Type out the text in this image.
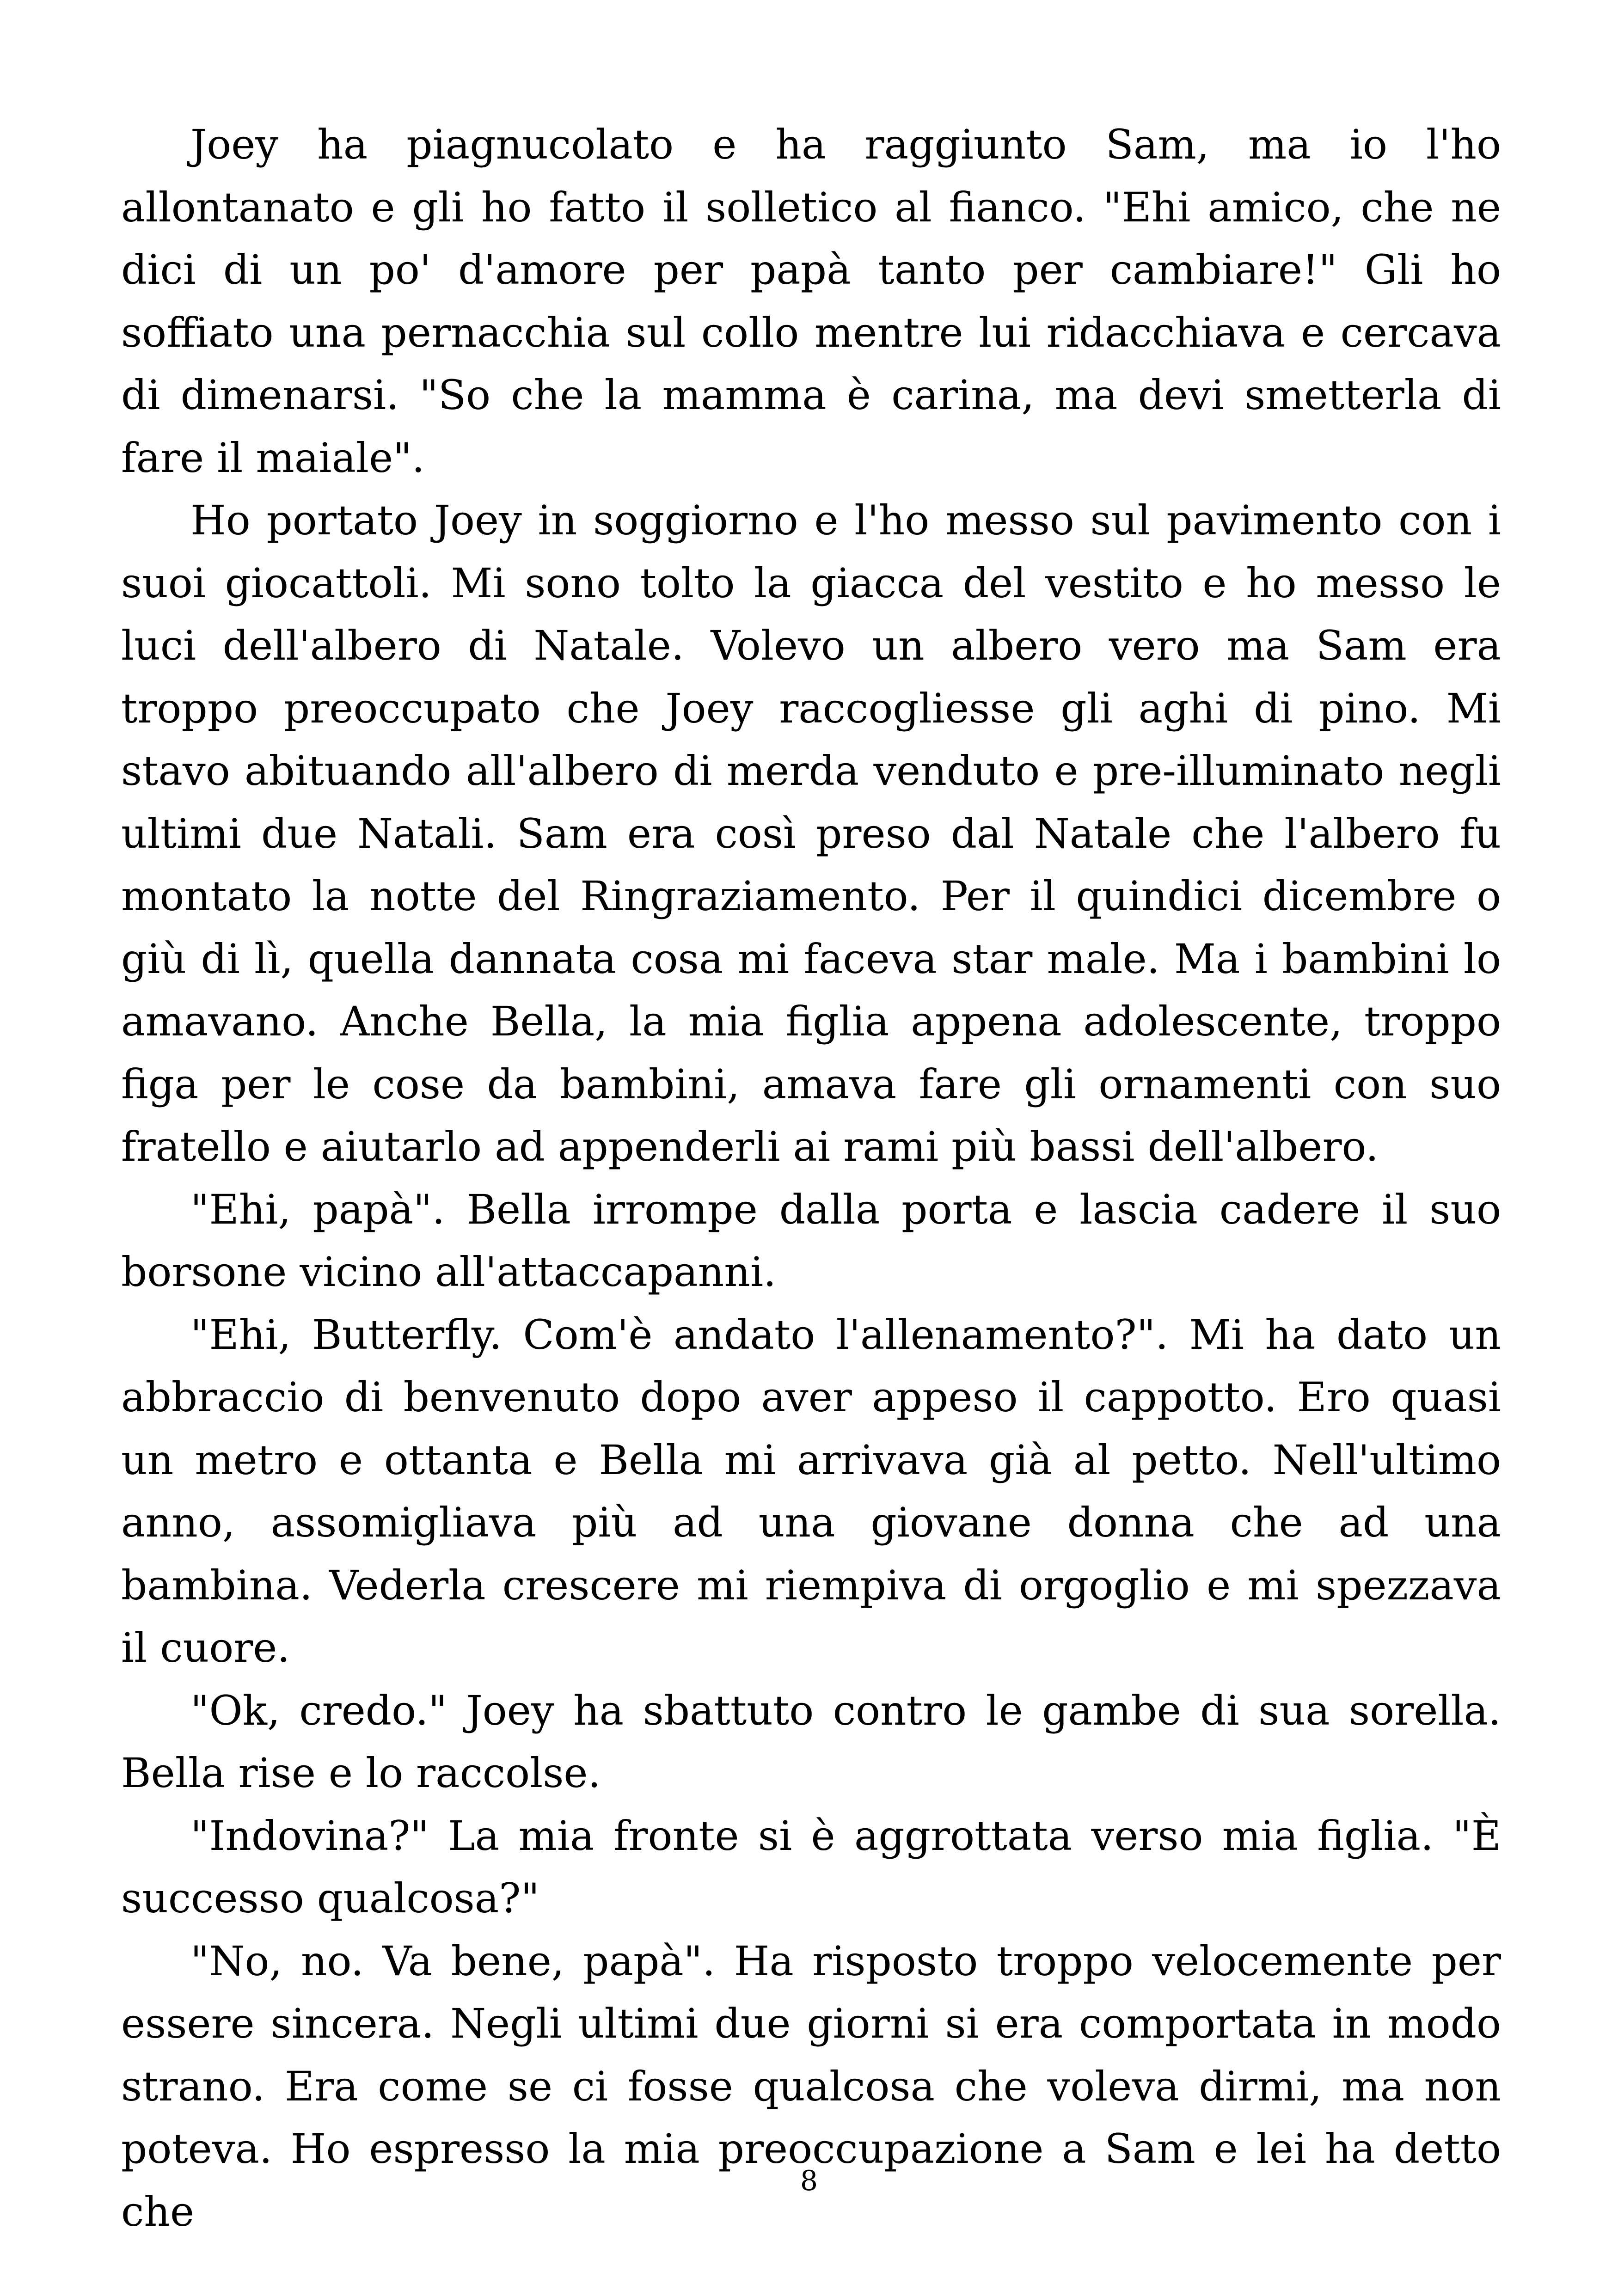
Joey ha piagnucolato e ha raggiunto Sam, ma io l'ho allontanato e gli ho fatto il solletico al fianco. "Ehi amico, che ne dici di un po' d'amore per papà tanto per cambiare!" Gli ho soffiato una pernacchia sul collo mentre lui ridacchiava e cercava di dimenarsi. "So che la mamma è carina, ma devi smetterla di fare il maiale".

Ho portato Joey in soggiorno e l'ho messo sul pavimento con i suoi giocattoli. Mi sono tolto la giacca del vestito e ho messo le luci dell'albero di Natale. Volevo un albero vero ma Sam era troppo preoccupato che Joey raccogliesse gli aghi di pino. Mi stavo abituando all'albero di merda venduto e pre-illuminato negli ultimi due Natali. Sam era così preso dal Natale che l'albero fu montato la notte del Ringraziamento. Per il quindici dicembre o giù di lì, quella dannata cosa mi faceva star male. Ma i bambini lo amavano. Anche Bella, la mia figlia appena adolescente, troppo figa per le cose da bambini, amava fare gli ornamenti con suo fratello e aiutarlo ad appenderli ai rami più bassi dell'albero.

"Ehi, papà". Bella irrompe dalla porta e lascia cadere il suo borsone vicino all'attaccapanni.

"Ehi, Butterfly. Com'è andato l'allenamento?". Mi ha dato un abbraccio di benvenuto dopo aver appeso il cappotto. Ero quasi un metro e ottanta e Bella mi arrivava già al petto. Nell'ultimo anno, assomigliava più ad una giovane donna che ad una bambina. Vederla crescere mi riempiva di orgoglio e mi spezzava il cuore.

"Ok, credo." Joey ha sbattuto contro le gambe di sua sorella. Bella rise e lo raccolse.

"Indovina?" La mia fronte si è aggrottata verso mia figlia. "È successo qualcosa?"

"No, no. Va bene, papà". Ha risposto troppo velocemente per essere sincera. Negli ultimi due giorni si era comportata in modo strano. Era come se ci fosse qualcosa che voleva dirmi, ma non poteva. Ho espresso la mia preoccupazione a Sam e lei ha detto che

8
